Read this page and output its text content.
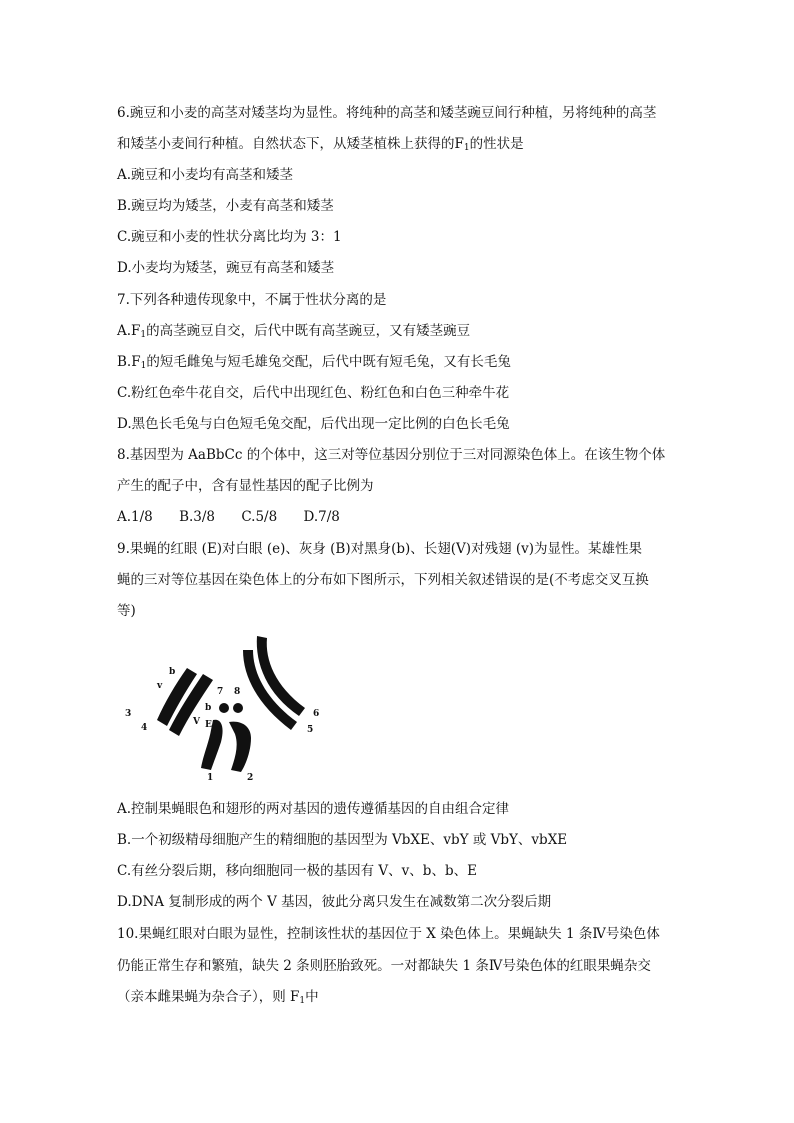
6.豌豆和小麦的高茎对矮茎均为显性。将纯种的高茎和矮茎豌豆间行种植，另将纯种的高茎
和矮茎小麦间行种植。自然状态下，从矮茎植株上获得的$F_1$的性状是
A.豌豆和小麦均有高茎和矮茎
B.豌豆均为矮茎，小麦有高茎和矮茎
C.豌豆和小麦的性状分离比均为 3：1
D.小麦均为矮茎，豌豆有高茎和矮茎
7.下列各种遗传现象中，不属于性状分离的是
$A.F_1$的高茎豌豆自交，后代中既有高茎豌豆，又有矮茎豌豆
$B.F_1$的短毛雌兔与短毛雄兔交配，后代中既有短毛兔，又有长毛兔
C.粉红色牵牛花自交，后代中出现红色、粉红色和白色三种牵牛花
D.黑色长毛兔与白色短毛兔交配，后代出现一定比例的白色长毛兔
8.基因型为 AaBbCc 的个体中，这三对等位基因分别位于三对同源染色体上。在该生物个体
产生的配子中，含有显性基因的配子比例为
A.1/8 B.3/8 C.5/8 D.7/8
9.果蝇的红眼 (E)对白眼 (e)、灰身 (B)对黑身(b)、长翅(V)对残翅 (v)为显性。某雄性果
蝇的三对等位基因在染色体上的分布如下图所示，下列相关叙述错误的是(不考虑交叉互换
等)
b
v
3
4
V
b
7 8
E
6
5
1	2
A.控制果蝇眼色和翅形的两对基因的遗传遵循基因的自由组合定律
B.一个初级精母细胞产生的精细胞的基因型为 VbXE、vbY 或 VbY、vbXE
C.有丝分裂后期，移向细胞同一极的基因有 V、v、b、b、E
D.DNA 复制形成的两个 V 基因，彼此分离只发生在减数第二次分裂后期
10.果蝇红眼对白眼为显性，控制该性状的基因位于 X 染色体上。果蝇缺失 1 条Ⅳ号染色体
仍能正常生存和繁殖，缺失 2 条则胚胎致死。一对都缺失 1 条Ⅳ号染色体的红眼果蝇杂交
（亲本雌果蝇为杂合子），则 $F_1$中
